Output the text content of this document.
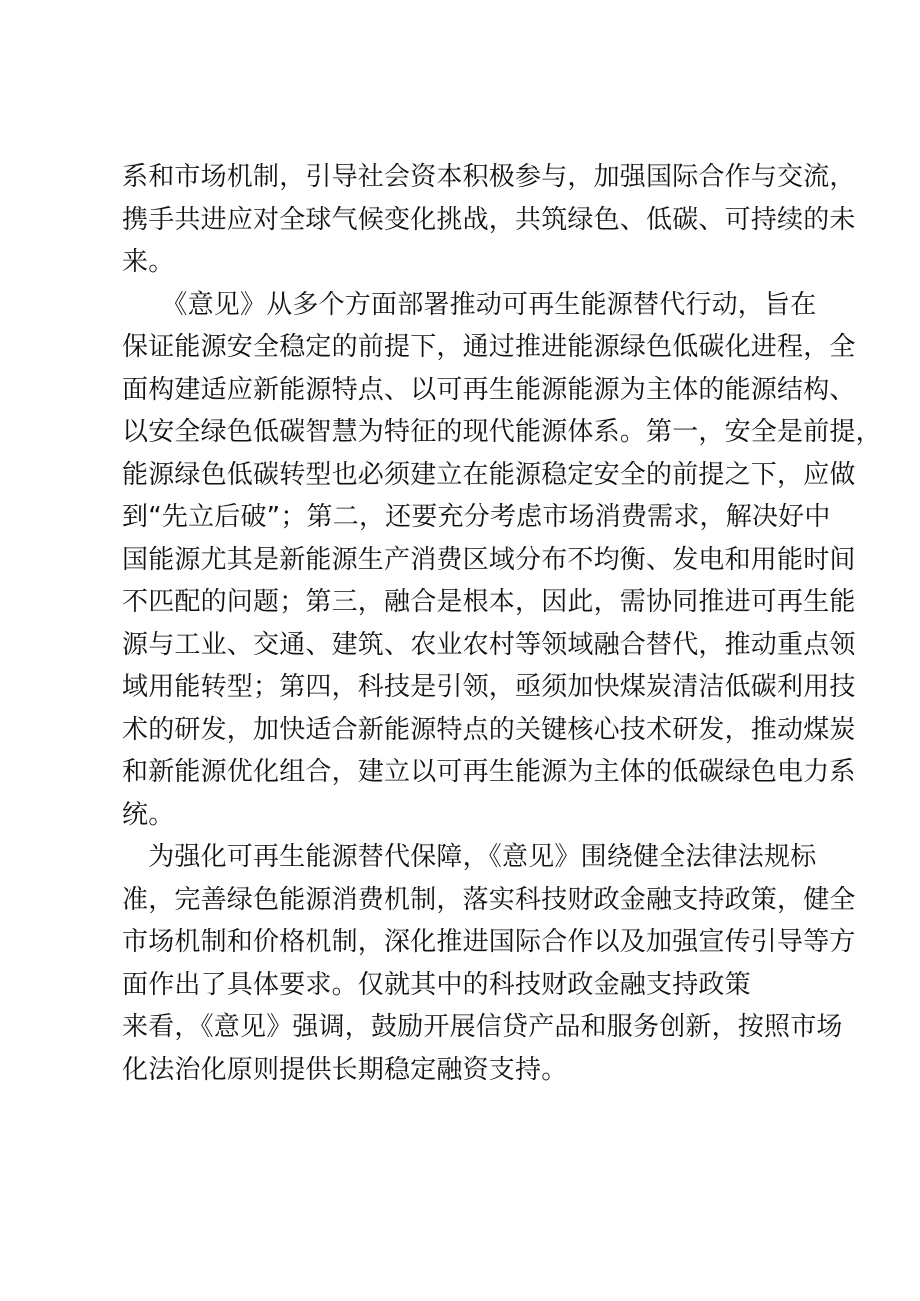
系和市场机制，引导社会资本积极参与，加强国际合作与交流，
携手共进应对全球气候变化挑战，共筑绿色、低碳、可持续的未
来。
　　《意见》从多个方面部署推动可再生能源替代行动，旨在
保证能源安全稳定的前提下，通过推进能源绿色低碳化进程，全
面构建适应新能源特点、以可再生能源能源为主体的能源结构、
以安全绿色低碳智慧为特征的现代能源体系。第一，安全是前提，
能源绿色低碳转型也必须建立在能源稳定安全的前提之下，应做
到“先立后破”；第二，还要充分考虑市场消费需求，解决好中
国能源尤其是新能源生产消费区域分布不均衡、发电和用能时间
不匹配的问题；第三，融合是根本，因此，需协同推进可再生能
源与工业、交通、建筑、农业农村等领域融合替代，推动重点领
域用能转型；第四，科技是引领，亟须加快煤炭清洁低碳利用技
术的研发，加快适合新能源特点的关键核心技术研发，推动煤炭
和新能源优化组合，建立以可再生能源为主体的低碳绿色电力系
统。
　为强化可再生能源替代保障，《意见》围绕健全法律法规标
准，完善绿色能源消费机制，落实科技财政金融支持政策，健全
市场机制和价格机制，深化推进国际合作以及加强宣传引导等方
面作出了具体要求。仅就其中的科技财政金融支持政策
来看，《意见》强调，鼓励开展信贷产品和服务创新，按照市场
化法治化原则提供长期稳定融资支持。
